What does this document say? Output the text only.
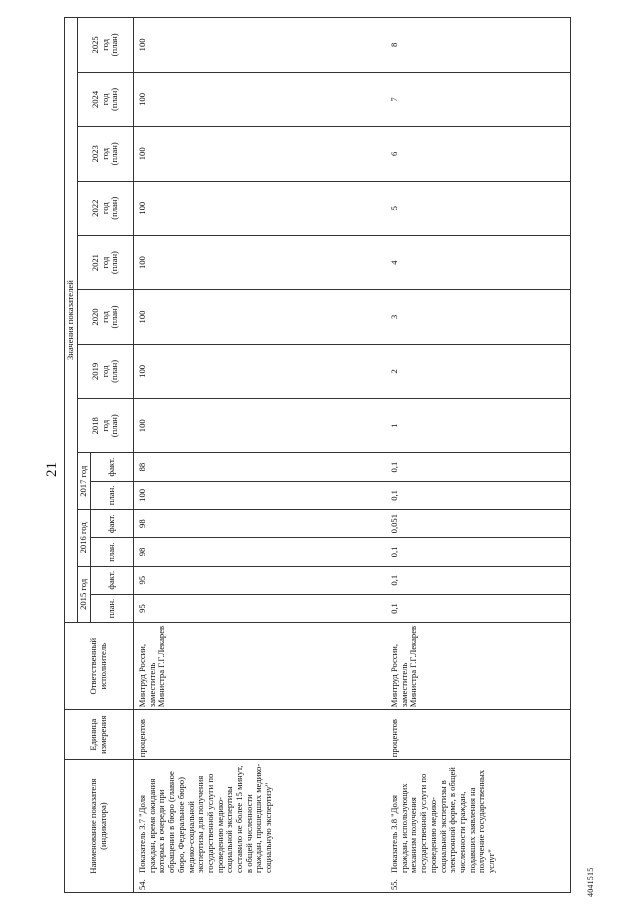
21
Наименование показателя (индикатора)	Единица измерения	Ответственный исполнитель	Значения показателей													
			2015 год		2016 год		2017 год		2018 год (план)	2019 год (план)	2020 год (план)	2021 год (план)	2022 год (план)	2023 год (план)	2024 год (план)	2025 год (план)

			план.	факт.	план.	факт.	план.	факт.								

54.
Показатель 3.7 "Доля граждан, время ожидания которых в очереди при обращении в бюро (главное бюро, Федеральное бюро) медико-социальной экспертизы для получения государственной услуги по проведению медико-социальной экспертизы составило не более 15 минут, в общей численности граждан, прошедших медико-социальную экспертизу"	процентов	Минтруд России, заместитель Министра Г.Г.Лекарев	95	95	98	98	100	88	100	100	100	100	100	100	100	100

55.
Показатель 3.8 "Доля граждан, использующих механизм получения государственной услуги по проведению медико-социальной экспертизы в электронной форме, в общей численности граждан, подавших заявления на получение государственных услуг"	процентов	Минтруд России, заместитель Министра Г.Г.Лекарев	0,1	0,1	0,1	0,051	0,1	0,1	1	2	3	4	5	6	7	8
4041515
